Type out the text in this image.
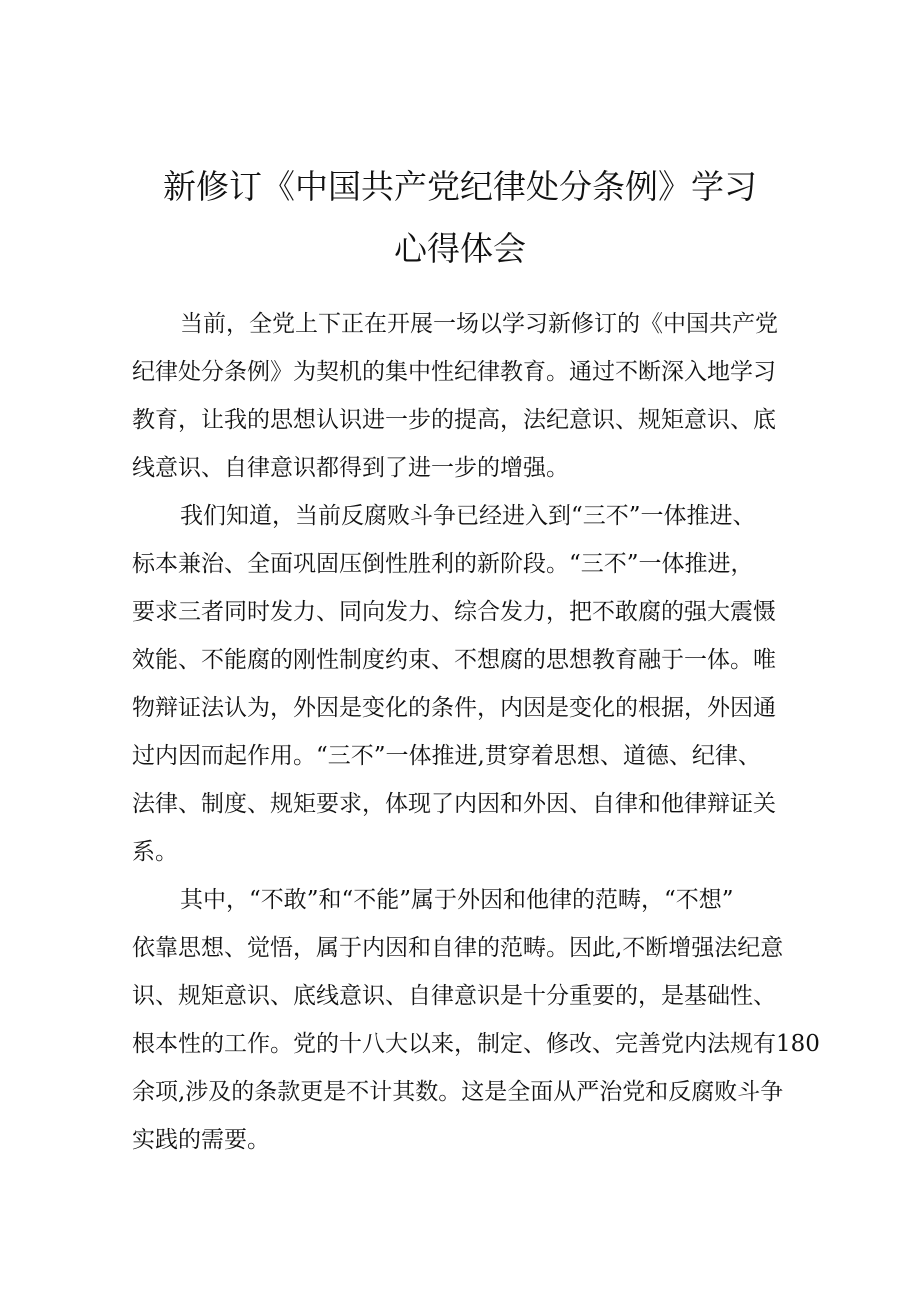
新修订《中国共产党纪律处分条例》学习
心得体会
当前，全党上下正在开展一场以学习新修订的《中国共产党
纪律处分条例》为契机的集中性纪律教育。通过不断深入地学习
教育，让我的思想认识进一步的提高，法纪意识、规矩意识、底
线意识、自律意识都得到了进一步的增强。
我们知道，当前反腐败斗争已经进入到“三不”一体推进、
标本兼治、全面巩固压倒性胜利的新阶段。“三不”一体推进，
要求三者同时发力、同向发力、综合发力，把不敢腐的强大震慑
效能、不能腐的刚性制度约束、不想腐的思想教育融于一体。唯
物辩证法认为，外因是变化的条件，内因是变化的根据，外因通
过内因而起作用。“三不”一体推进,贯穿着思想、道德、纪律、
法律、制度、规矩要求，体现了内因和外因、自律和他律辩证关
系。
其中，“不敢”和“不能”属于外因和他律的范畴，“不想”
依靠思想、觉悟，属于内因和自律的范畴。因此,不断增强法纪意
识、规矩意识、底线意识、自律意识是十分重要的，是基础性、
根本性的工作。党的十八大以来，制定、修改、完善党内法规有180
余项,涉及的条款更是不计其数。这是全面从严治党和反腐败斗争
实践的需要。
